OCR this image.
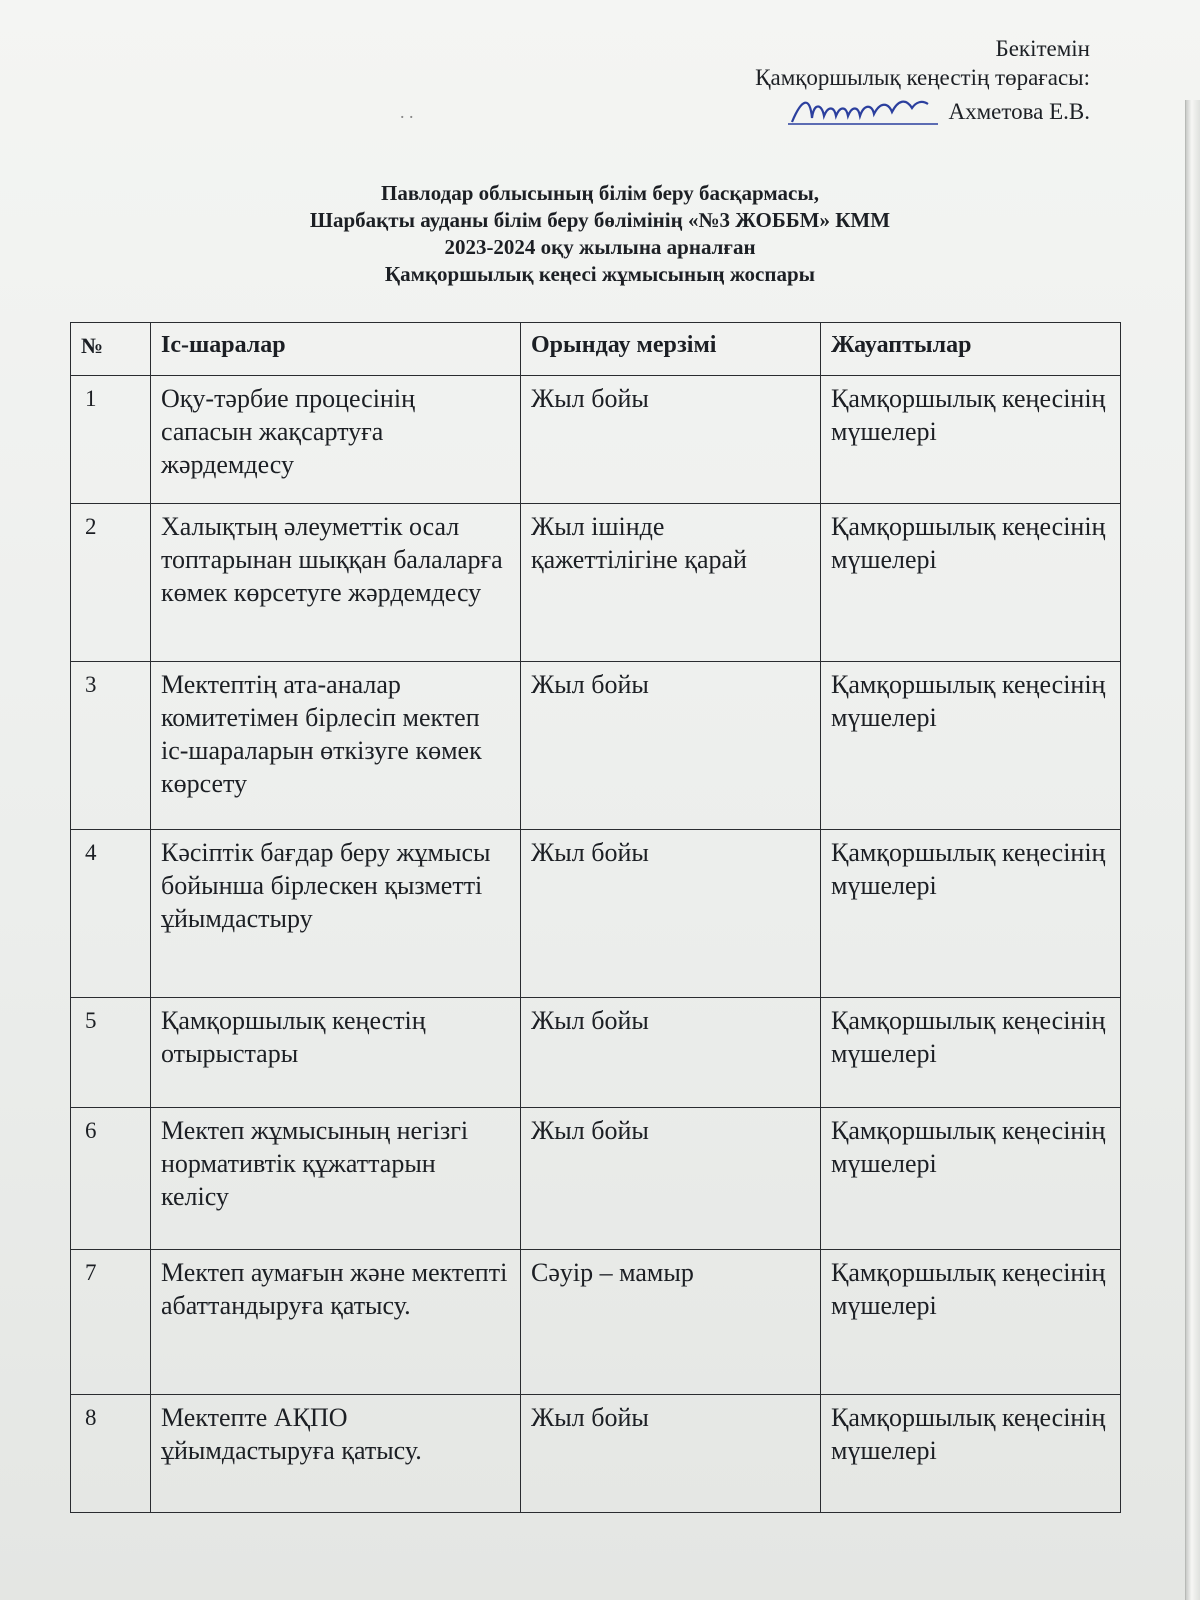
Бекітемін
Қамқоршылық кеңестің төрағасы:
Ахметова Е.В.
. .
Павлодар облысының білім беру басқармасы,
Шарбақты ауданы білім беру бөлімінің «№3 ЖОББМ» КММ
2023-2024 оқу жылына арналған
Қамқоршылық кеңесі жұмысының жоспары
№	Іс-шаралар	Орындау мерзімі	Жауаптылар
1	Оқу-тәрбие процесінің сапасын жақсартуға жәрдемдесу	Жыл бойы	Қамқоршылық кеңесінің мүшелері
2	Халықтың әлеуметтік осал топтарынан шыққан балаларға көмек көрсетуге жәрдемдесу	Жыл ішінде қажеттілігіне қарай	Қамқоршылық кеңесінің мүшелері
3	Мектептің ата-аналар комитетімен бірлесіп мектеп іс-шараларын өткізуге көмек көрсету	Жыл бойы	Қамқоршылық кеңесінің мүшелері
4	Кәсіптік бағдар беру жұмысы бойынша бірлескен қызметті ұйымдастыру	Жыл бойы	Қамқоршылық кеңесінің мүшелері
5	Қамқоршылық кеңестің отырыстары	Жыл бойы	Қамқоршылық кеңесінің мүшелері
6	Мектеп жұмысының негізгі нормативтік құжаттарын келісу	Жыл бойы	Қамқоршылық кеңесінің мүшелері
7	Мектеп аумағын және мектепті абаттандыруға қатысу.	Сәуір – мамыр	Қамқоршылық кеңесінің мүшелері
8	Мектепте АҚПО ұйымдастыруға қатысу.	Жыл бойы	Қамқоршылық кеңесінің мүшелері
